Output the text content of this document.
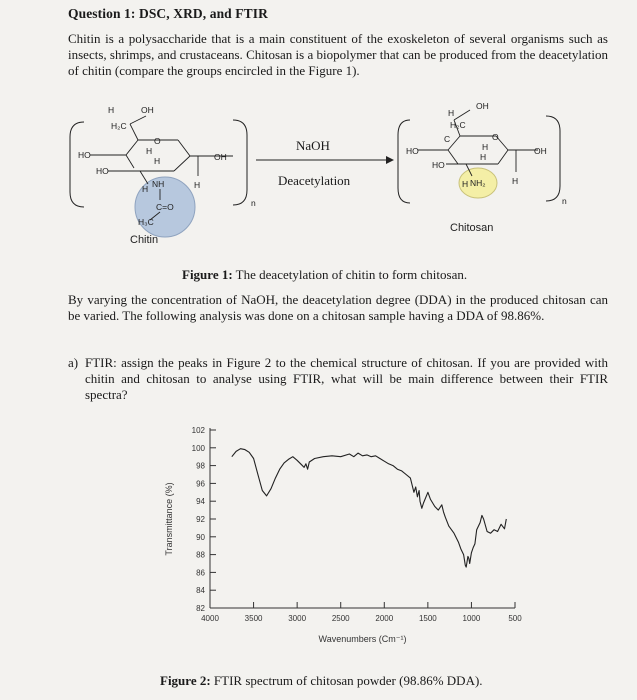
Question 1: DSC, XRD, and FTIR
Chitin is a polysaccharide that is a main constituent of the exoskeleton of several organisms such as insects, shrimps, and crustaceans. Chitosan is a biopolymer that can be produced from the deacetylation of chitin (compare the groups encircled in the Figure 1).
n
H	OH
H₂C
O
H
HO
HO
H	OH
H
H NH
C=O
H₃C
Chitin
NaOH
Deacetylation
n
H
OH
H₂C
C	O
H
HO
HO
H
OH
H
H NH₂
Chitosan
Figure 1: The deacetylation of chitin to form chitosan.
By varying the concentration of NaOH, the deacetylation degree (DDA) in the produced chitosan can be varied. The following analysis was done on a chitosan sample having a DDA of 98.86%.
a) FTIR: assign the peaks in Figure 2 to the chemical structure of chitosan. If you are provided with chitin and chitosan to analyse using FTIR, what will be main difference between their FTIR spectra?
102
100
98
96
94
92
90
88
86
84
82
4000	3500	3000	2500	2000	1500	1000	500
Wavenumbers (Cm⁻¹)
Transmittance (%)
Figure 2: FTIR spectrum of chitosan powder (98.86% DDA).
